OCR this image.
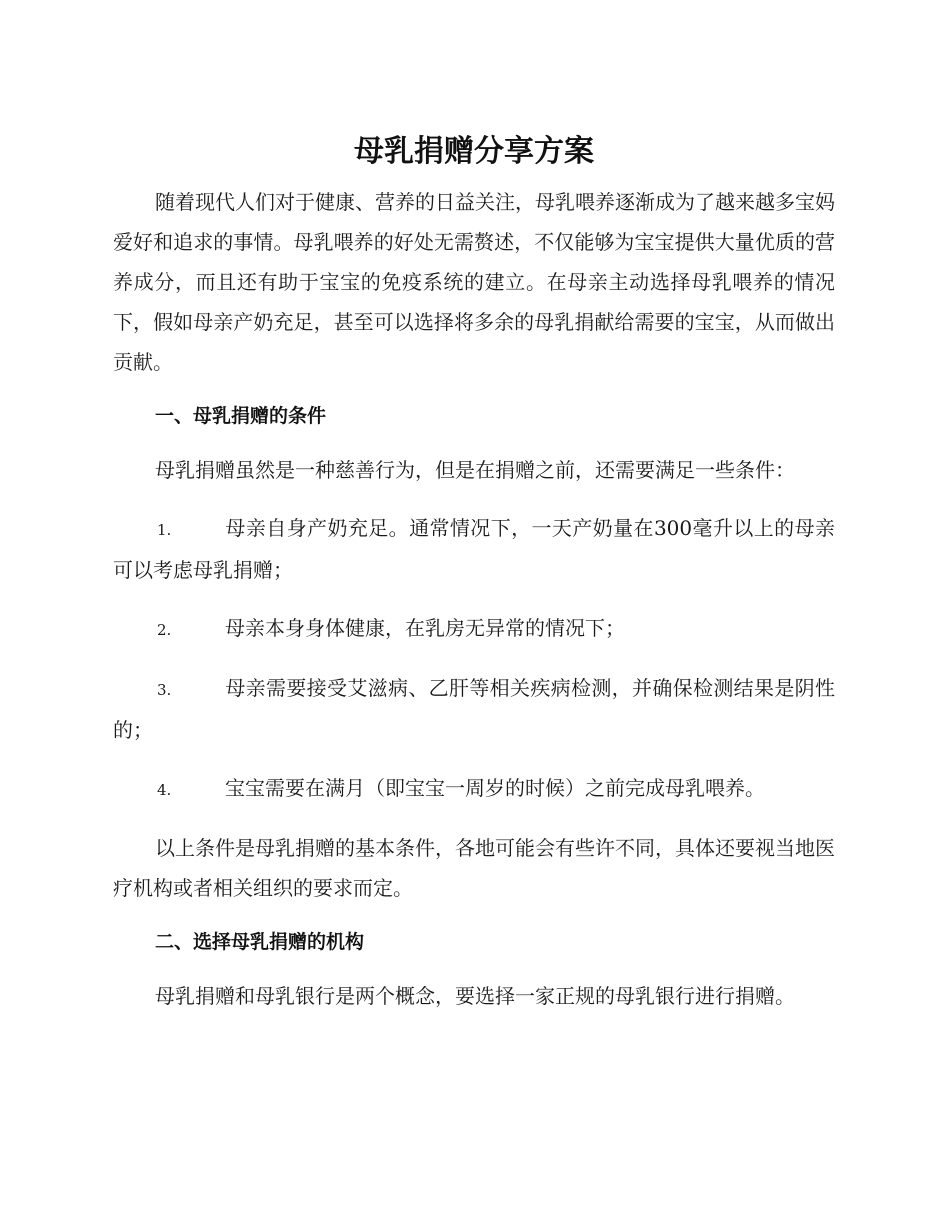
母乳捐赠分享方案

随着现代人们对于健康、营养的日益关注，母乳喂养逐渐成为了越来越多宝妈爱好和追求的事情。母乳喂养的好处无需赘述，不仅能够为宝宝提供大量优质的营养成分，而且还有助于宝宝的免疫系统的建立。在母亲主动选择母乳喂养的情况下，假如母亲产奶充足，甚至可以选择将多余的母乳捐献给需要的宝宝，从而做出贡献。

一、母乳捐赠的条件

母乳捐赠虽然是一种慈善行为，但是在捐赠之前，还需要满足一些条件：

1.	母亲自身产奶充足。通常情况下，一天产奶量在300毫升以上的母亲可以考虑母乳捐赠；

2.	母亲本身身体健康，在乳房无异常的情况下；

3.	母亲需要接受艾滋病、乙肝等相关疾病检测，并确保检测结果是阴性的；

4.	宝宝需要在满月（即宝宝一周岁的时候）之前完成母乳喂养。

以上条件是母乳捐赠的基本条件，各地可能会有些许不同，具体还要视当地医疗机构或者相关组织的要求而定。

二、选择母乳捐赠的机构

母乳捐赠和母乳银行是两个概念，要选择一家正规的母乳银行进行捐赠。
